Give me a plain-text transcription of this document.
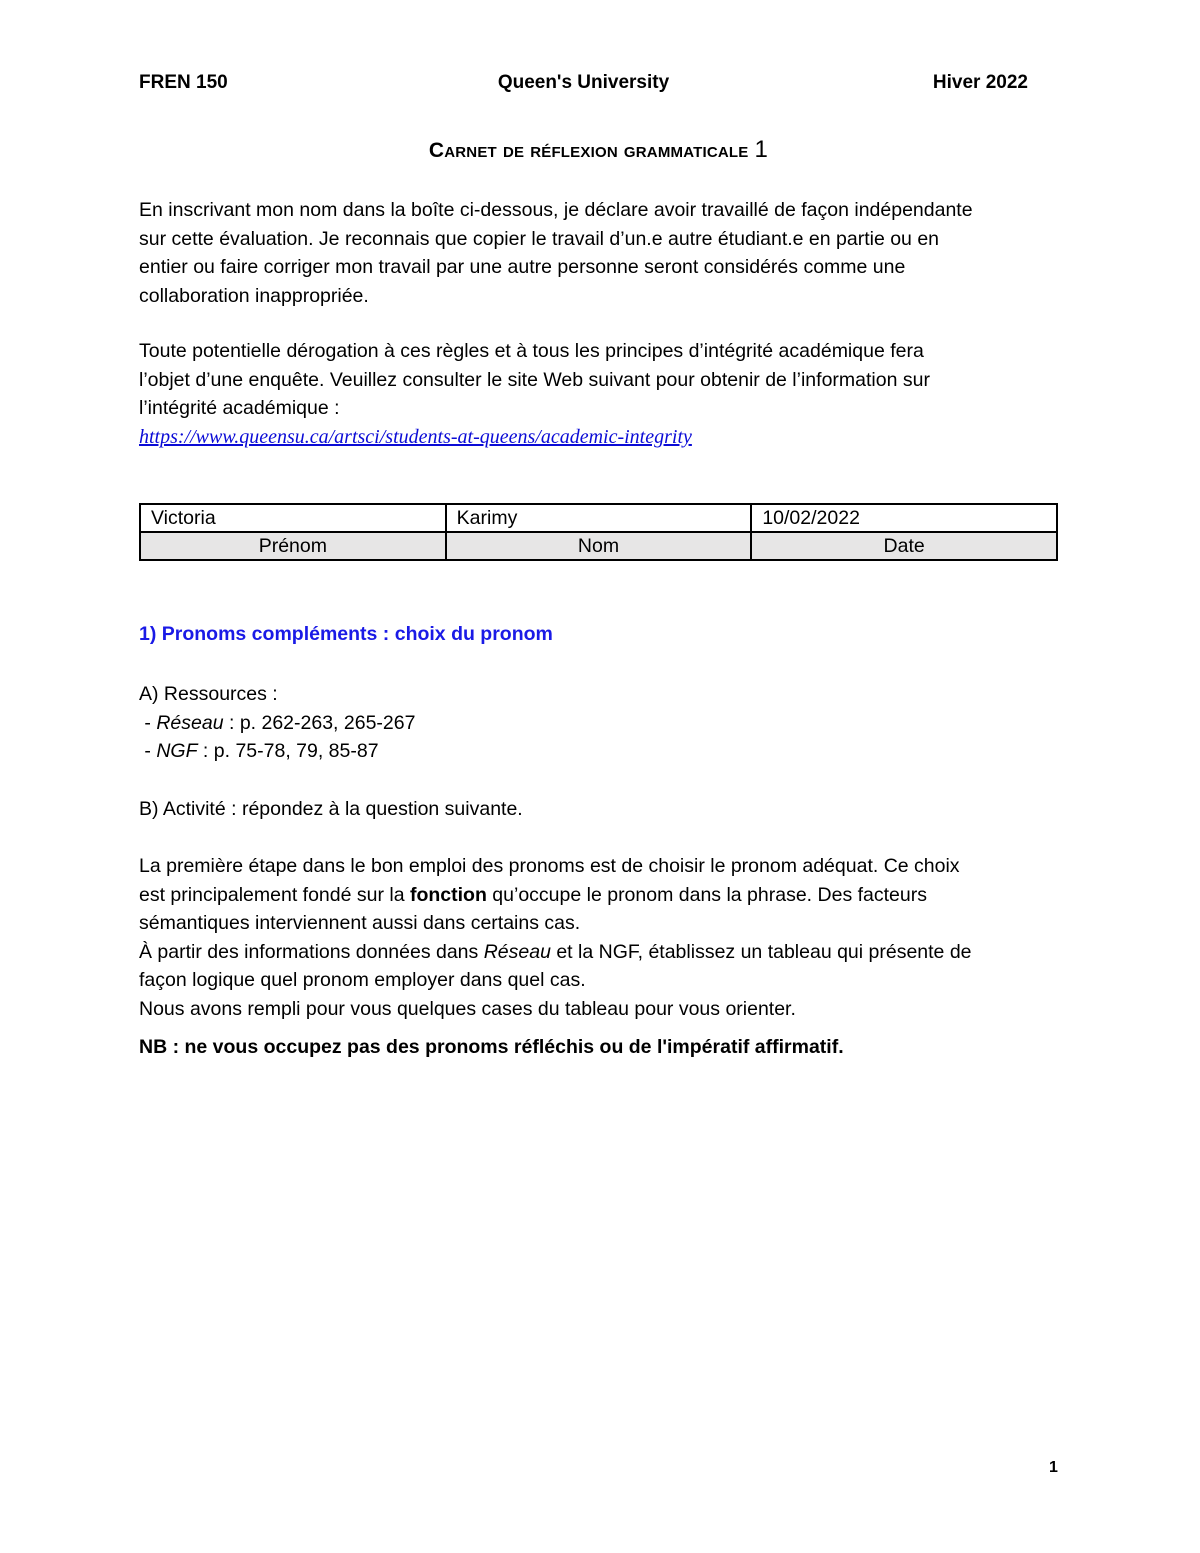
FREN 150	Queen's University	Hiver 2022
Carnet de réflexion grammaticale 1
En inscrivant mon nom dans la boîte ci-dessous, je déclare avoir travaillé de façon indépendante
sur cette évaluation. Je reconnais que copier le travail d’un.e autre étudiant.e en partie ou en
entier ou faire corriger mon travail par une autre personne seront considérés comme une
collaboration inappropriée.
Toute potentielle dérogation à ces règles et à tous les principes d’intégrité académique fera
l’objet d’une enquête. Veuillez consulter le site Web suivant pour obtenir de l’information sur
l’intégrité académique :
https://www.queensu.ca/artsci/students-at-queens/academic-integrity
Victoria	Karimy	10/02/2022
Prénom	Nom	Date
1) Pronoms compléments : choix du pronom
A) Ressources :
- Réseau : p. 262-263, 265-267
- NGF : p. 75-78, 79, 85-87
B) Activité : répondez à la question suivante.
La première étape dans le bon emploi des pronoms est de choisir le pronom adéquat. Ce choix
est principalement fondé sur la fonction qu’occupe le pronom dans la phrase. Des facteurs
sémantiques interviennent aussi dans certains cas.
À partir des informations données dans Réseau et la NGF, établissez un tableau qui présente de
façon logique quel pronom employer dans quel cas.
Nous avons rempli pour vous quelques cases du tableau pour vous orienter.
NB : ne vous occupez pas des pronoms réfléchis ou de l'impératif affirmatif.
1
